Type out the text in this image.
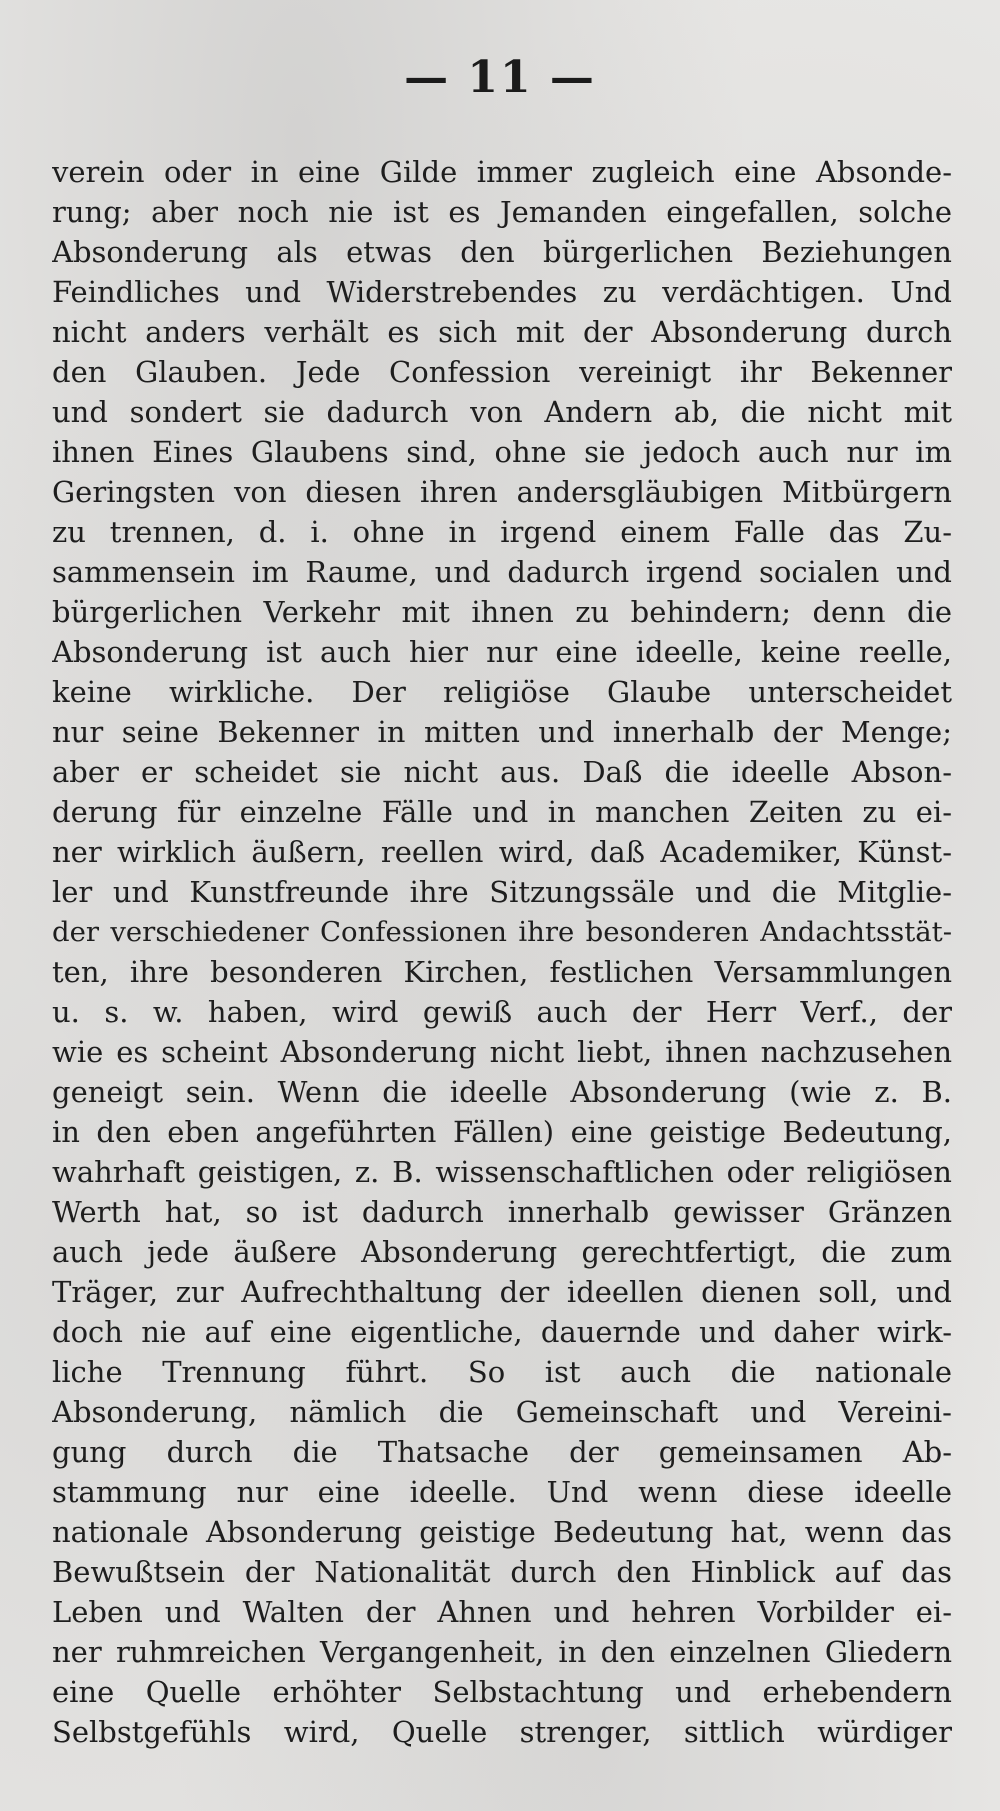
— 11 —
verein oder in eine Gilde immer zugleich eine Absonde-
rung; aber noch nie ist es Jemanden eingefallen, solche
Absonderung als etwas den bürgerlichen Beziehungen
Feindliches und Widerstrebendes zu verdächtigen. Und
nicht anders verhält es sich mit der Absonderung durch
den Glauben. Jede Confession vereinigt ihr Bekenner
und sondert sie dadurch von Andern ab, die nicht mit
ihnen Eines Glaubens sind, ohne sie jedoch auch nur im
Geringsten von diesen ihren andersgläubigen Mitbürgern
zu trennen, d. i. ohne in irgend einem Falle das Zu-
sammensein im Raume, und dadurch irgend socialen und
bürgerlichen Verkehr mit ihnen zu behindern; denn die
Absonderung ist auch hier nur eine ideelle, keine reelle,
keine wirkliche. Der religiöse Glaube unterscheidet
nur seine Bekenner in mitten und innerhalb der Menge;
aber er scheidet sie nicht aus. Daß die ideelle Abson-
derung für einzelne Fälle und in manchen Zeiten zu ei-
ner wirklich äußern, reellen wird, daß Academiker, Künst-
ler und Kunstfreunde ihre Sitzungssäle und die Mitglie-
der verschiedener Confessionen ihre besonderen Andachtsstät-
ten, ihre besonderen Kirchen, festlichen Versammlungen
u. s. w. haben, wird gewiß auch der Herr Verf., der
wie es scheint Absonderung nicht liebt, ihnen nachzusehen
geneigt sein. Wenn die ideelle Absonderung (wie z. B.
in den eben angeführten Fällen) eine geistige Bedeutung,
wahrhaft geistigen, z. B. wissenschaftlichen oder religiösen
Werth hat, so ist dadurch innerhalb gewisser Gränzen
auch jede äußere Absonderung gerechtfertigt, die zum
Träger, zur Aufrechthaltung der ideellen dienen soll, und
doch nie auf eine eigentliche, dauernde und daher wirk-
liche Trennung führt. So ist auch die nationale
Absonderung, nämlich die Gemeinschaft und Vereini-
gung durch die Thatsache der gemeinsamen Ab-
stammung nur eine ideelle. Und wenn diese ideelle
nationale Absonderung geistige Bedeutung hat, wenn das
Bewußtsein der Nationalität durch den Hinblick auf das
Leben und Walten der Ahnen und hehren Vorbilder ei-
ner ruhmreichen Vergangenheit, in den einzelnen Gliedern
eine Quelle erhöhter Selbstachtung und erhebendern
Selbstgefühls wird, Quelle strenger, sittlich würdiger
